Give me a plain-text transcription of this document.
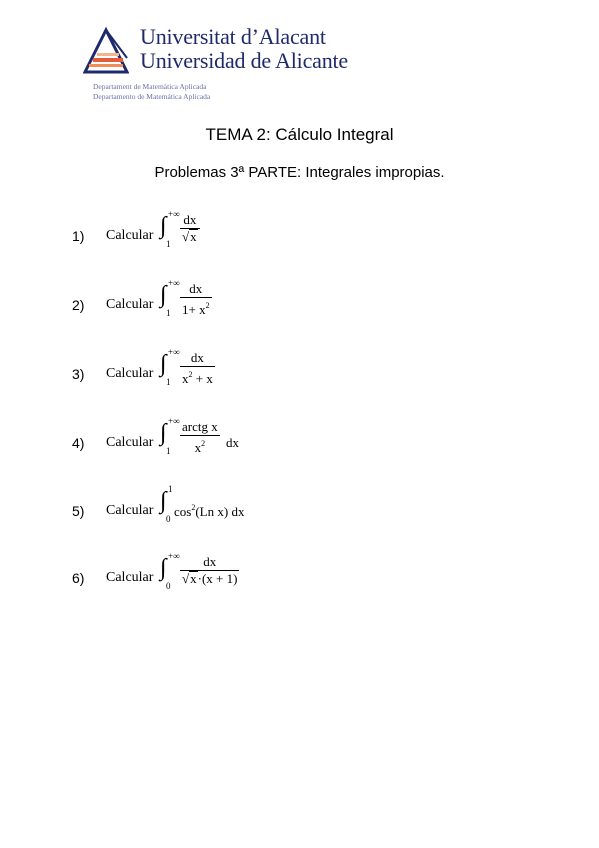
Universitat d’Alacant
Universidad de Alicante
Departament de Matemàtica Aplicada
Departamento de Matemática Aplicada
TEMA 2: Cálculo Integral
Problemas 3ª PARTE: Integrales impropias.
1) Calcular ∫ +∞
1
dx
√x
2) Calcular ∫ +∞
1
dx
$1+ x^2$
3) Calcular ∫ +∞
1
dx
$x^2 + x$
4) Calcular ∫ +∞
1
arctg x
$x^2$	dx
5) Calcular ∫ 1
0 $\cos^2(Ln$ x) dx
6) Calcular ∫ +∞
0
dx
√x·(x + 1)
